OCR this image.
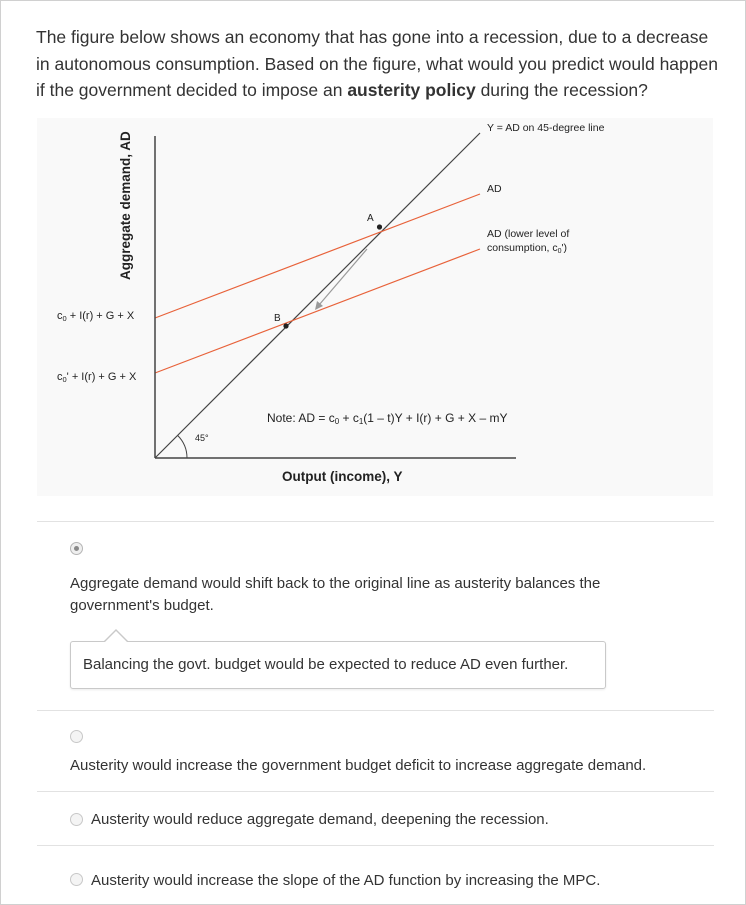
The figure below shows an economy that has gone into a recession, due to a decrease in autonomous consumption. Based on the figure, what would you predict would happen if the government decided to impose an austerity policy during the recession?
45°
A
B
Y = AD on 45-degree line
AD
AD (lower level of
consumption, c0')
c0 + I(r) + G + X
c0' + I(r) + G + X
Note: AD = c0 + c1(1 – t)Y + I(r) + G + X – mY
Output (income), Y
Aggregate demand, AD
Aggregate demand would shift back to the original line as austerity balances the government's budget.
Balancing the govt. budget would be expected to reduce AD even further.
Austerity would increase the government budget deficit to increase aggregate demand.
Austerity would reduce aggregate demand, deepening the recession.
Austerity would increase the slope of the AD function by increasing the MPC.
